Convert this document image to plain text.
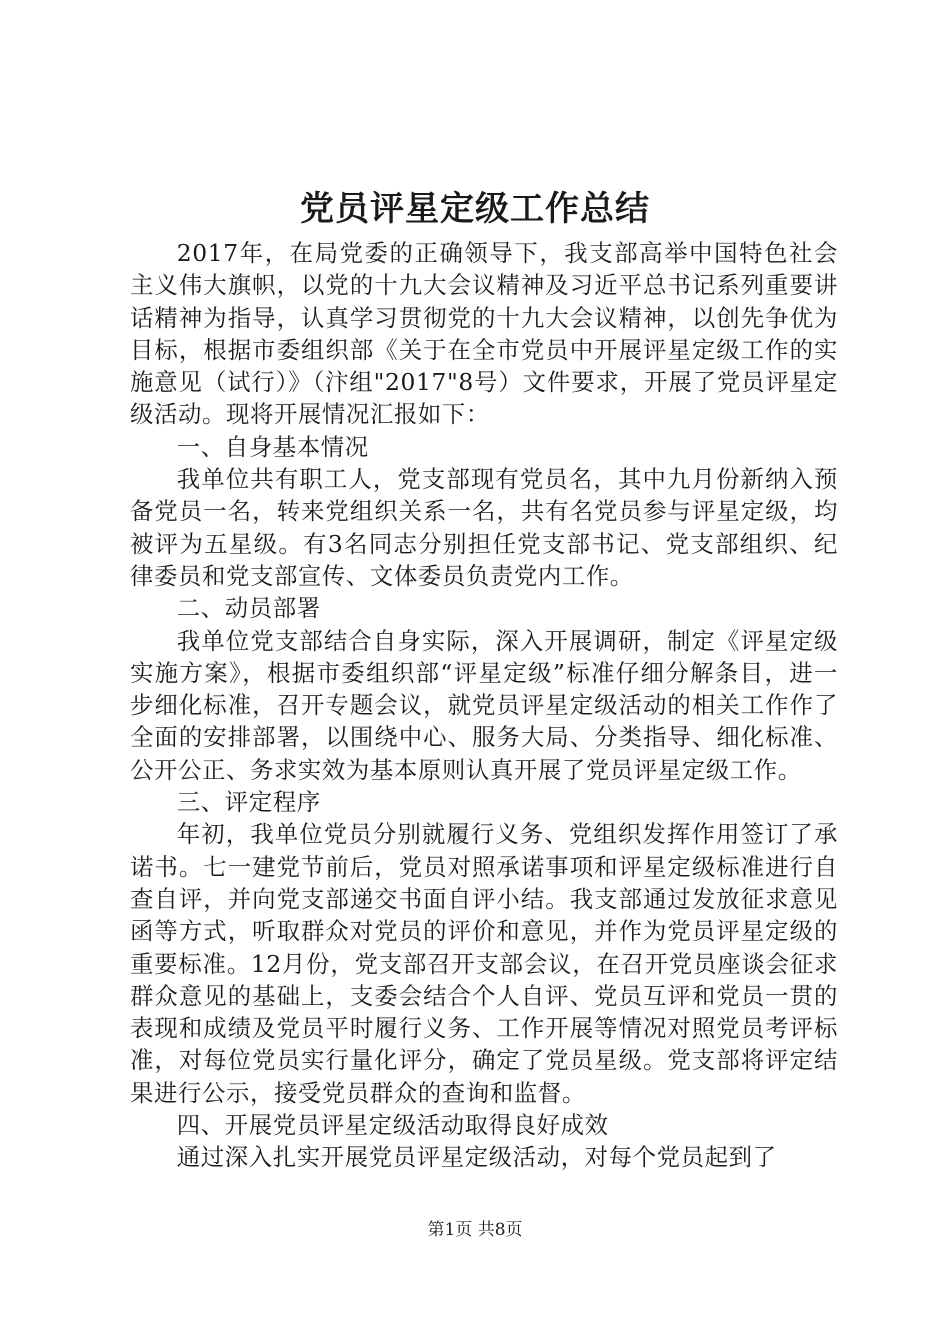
党员评星定级工作总结

2017年，在局党委的正确领导下，我支部高举中国特色社会主义伟大旗帜，以党的十九大会议精神及习近平总书记系列重要讲话精神为指导，认真学习贯彻党的十九大会议精神，以创先争优为目标，根据市委组织部《关于在全市党员中开展评星定级工作的实施意见（试行）》（汴组"2017"8号）文件要求，开展了党员评星定级活动。现将开展情况汇报如下：

一、自身基本情况

我单位共有职工人，党支部现有党员名，其中九月份新纳入预备党员一名，转来党组织关系一名，共有名党员参与评星定级，均被评为五星级。有3名同志分别担任党支部书记、党支部组织、纪律委员和党支部宣传、文体委员负责党内工作。

二、动员部署

我单位党支部结合自身实际，深入开展调研，制定《评星定级实施方案》，根据市委组织部“评星定级”标准仔细分解条目，进一步细化标准，召开专题会议，就党员评星定级活动的相关工作作了全面的安排部署，以围绕中心、服务大局、分类指导、细化标准、公开公正、务求实效为基本原则认真开展了党员评星定级工作。

三、评定程序

年初，我单位党员分别就履行义务、党组织发挥作用签订了承诺书。七一建党节前后，党员对照承诺事项和评星定级标准进行自查自评，并向党支部递交书面自评小结。我支部通过发放征求意见函等方式，听取群众对党员的评价和意见，并作为党员评星定级的重要标准。12月份，党支部召开支部会议，在召开党员座谈会征求群众意见的基础上，支委会结合个人自评、党员互评和党员一贯的表现和成绩及党员平时履行义务、工作开展等情况对照党员考评标准，对每位党员实行量化评分，确定了党员星级。党支部将评定结果进行公示，接受党员群众的查询和监督。

四、开展党员评星定级活动取得良好成效

通过深入扎实开展党员评星定级活动，对每个党员起到了

第1页 共8页
